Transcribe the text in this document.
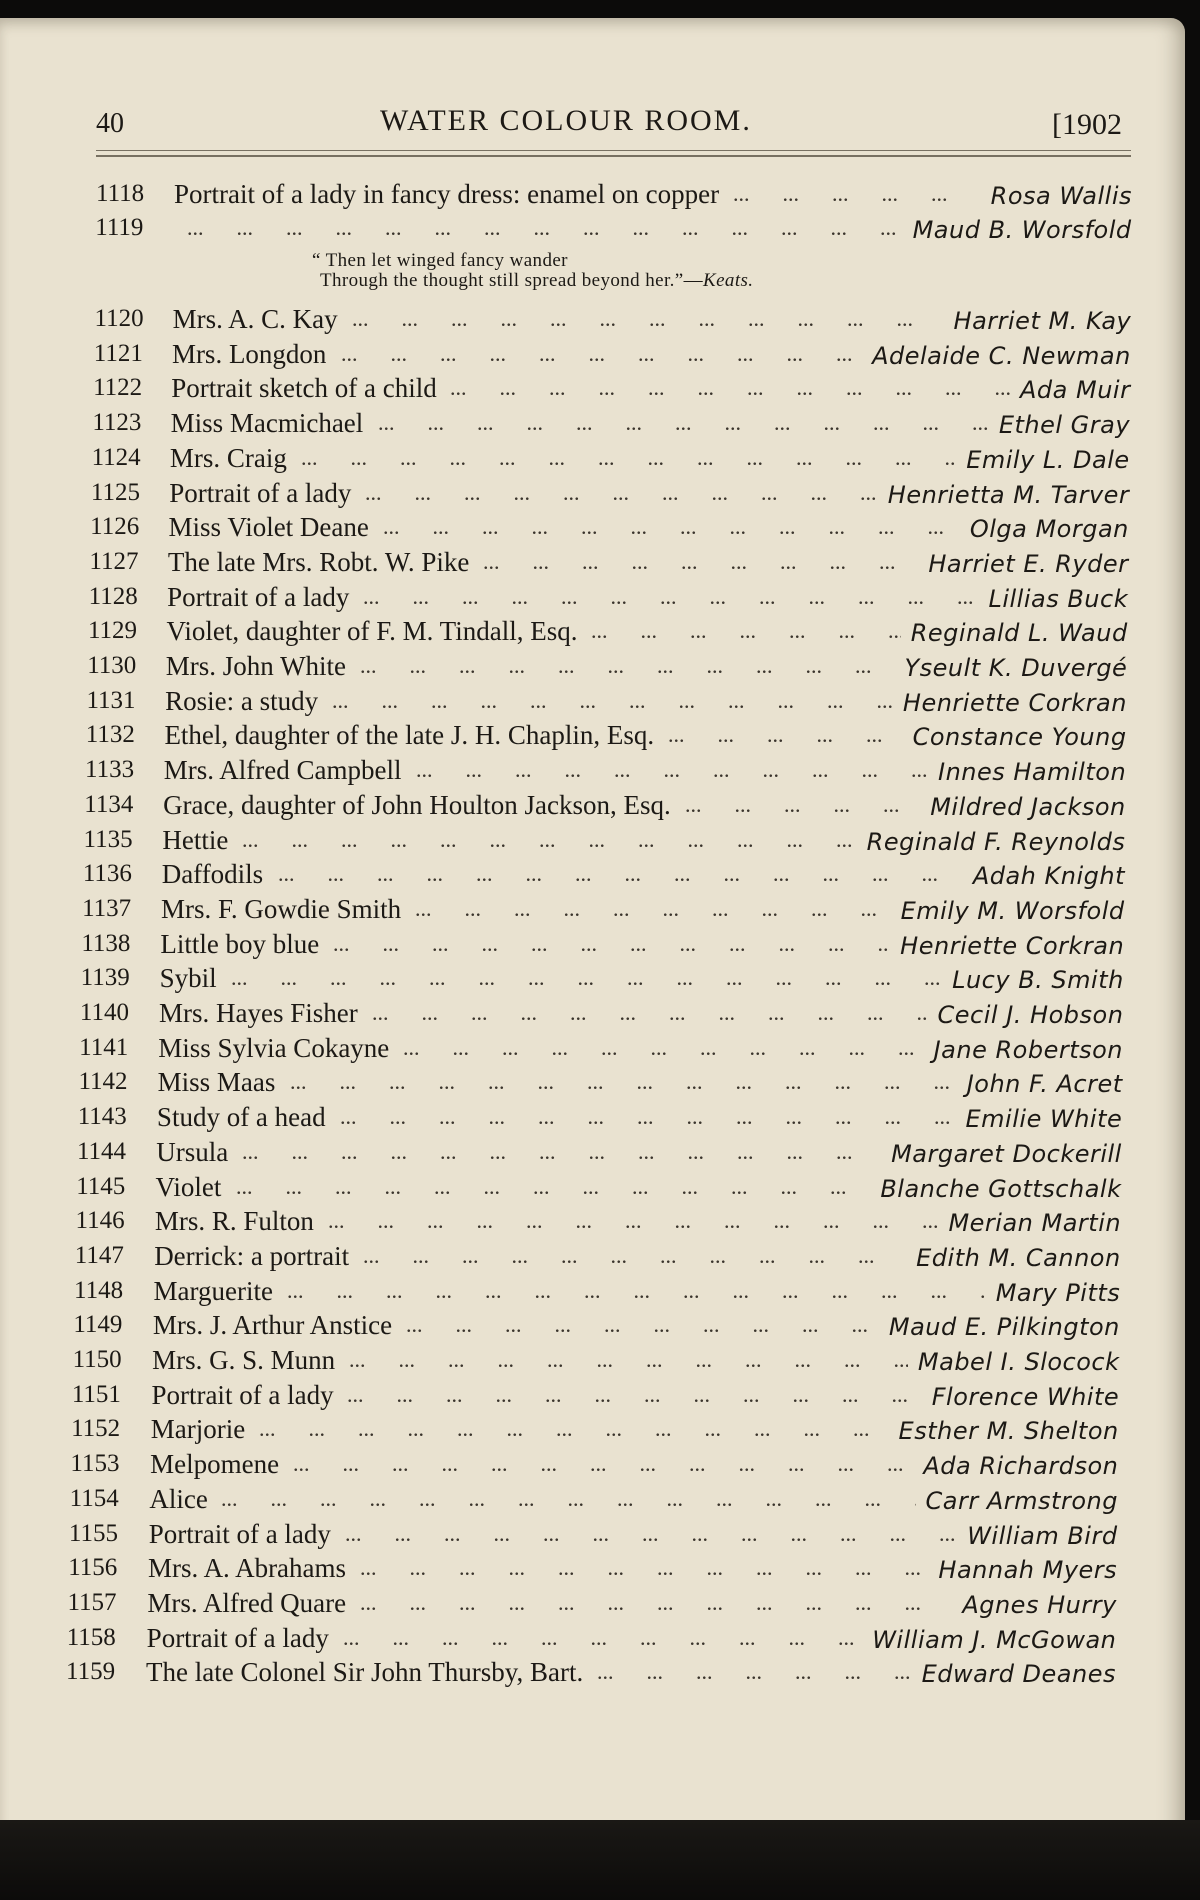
40	WATER COLOUR ROOM.	[1902
1118	Portrait of a lady in fancy dress: enamel on copper ...	Rosa Wallis
1119 ...	Maud B. Worsfold
1120	Mrs. A. C. Kay ...	Harriet M. Kay
1121	Mrs. Longdon ...	Adelaide C. Newman
1122	Portrait sketch of a child ...	Ada Muir
1123	Miss Macmichael ...	Ethel Gray
1124	Mrs. Craig ...	Emily L. Dale
1125	Portrait of a lady ...	Henrietta M. Tarver
1126	Miss Violet Deane ...	Olga Morgan
1127	The late Mrs. Robt. W. Pike ...	Harriet E. Ryder
1128	Portrait of a lady ...	Lillias Buck
1129	Violet, daughter of F. M. Tindall, Esq. ...	Reginald L. Waud
1130	Mrs. John White ...	Yseult K. Duvergé
1131	Rosie: a study ...	Henriette Corkran
1132	Ethel, daughter of the late J. H. Chaplin, Esq. ...	Constance Young
1133	Mrs. Alfred Campbell ...	Innes Hamilton
1134	Grace, daughter of John Houlton Jackson, Esq. ...	Mildred Jackson
1135	Hettie ...	Reginald F. Reynolds
1136	Daffodils ...	Adah Knight
1137	Mrs. F. Gowdie Smith ...	Emily M. Worsfold
1138	Little boy blue ...	Henriette Corkran
1139	Sybil ...	Lucy B. Smith
1140	Mrs. Hayes Fisher ...	Cecil J. Hobson
1141	Miss Sylvia Cokayne ...	Jane Robertson
1142	Miss Maas ...	John F. Acret
1143	Study of a head ...	Emilie White
1144	Ursula ...	Margaret Dockerill
1145	Violet ...	Blanche Gottschalk
1146	Mrs. R. Fulton ...	Merian Martin
1147	Derrick: a portrait ...	Edith M. Cannon
1148	Marguerite ...	Mary Pitts
1149	Mrs. J. Arthur Anstice ...	Maud E. Pilkington
1150	Mrs. G. S. Munn ...	Mabel I. Slocock
1151	Portrait of a lady ...	Florence White
1152	Marjorie ...	Esther M. Shelton
1153	Melpomene ...	Ada Richardson
1154	Alice ...	Carr Armstrong
1155	Portrait of a lady ...	William Bird
1156	Mrs. A. Abrahams ...	Hannah Myers
1157	Mrs. Alfred Quare ...	Agnes Hurry
1158	Portrait of a lady ...	William J. McGowan
1159	The late Colonel Sir John Thursby, Bart. ...	Edward Deanes
“ Then let winged fancy wander
Through the thought still spread beyond her.”—Keats.
